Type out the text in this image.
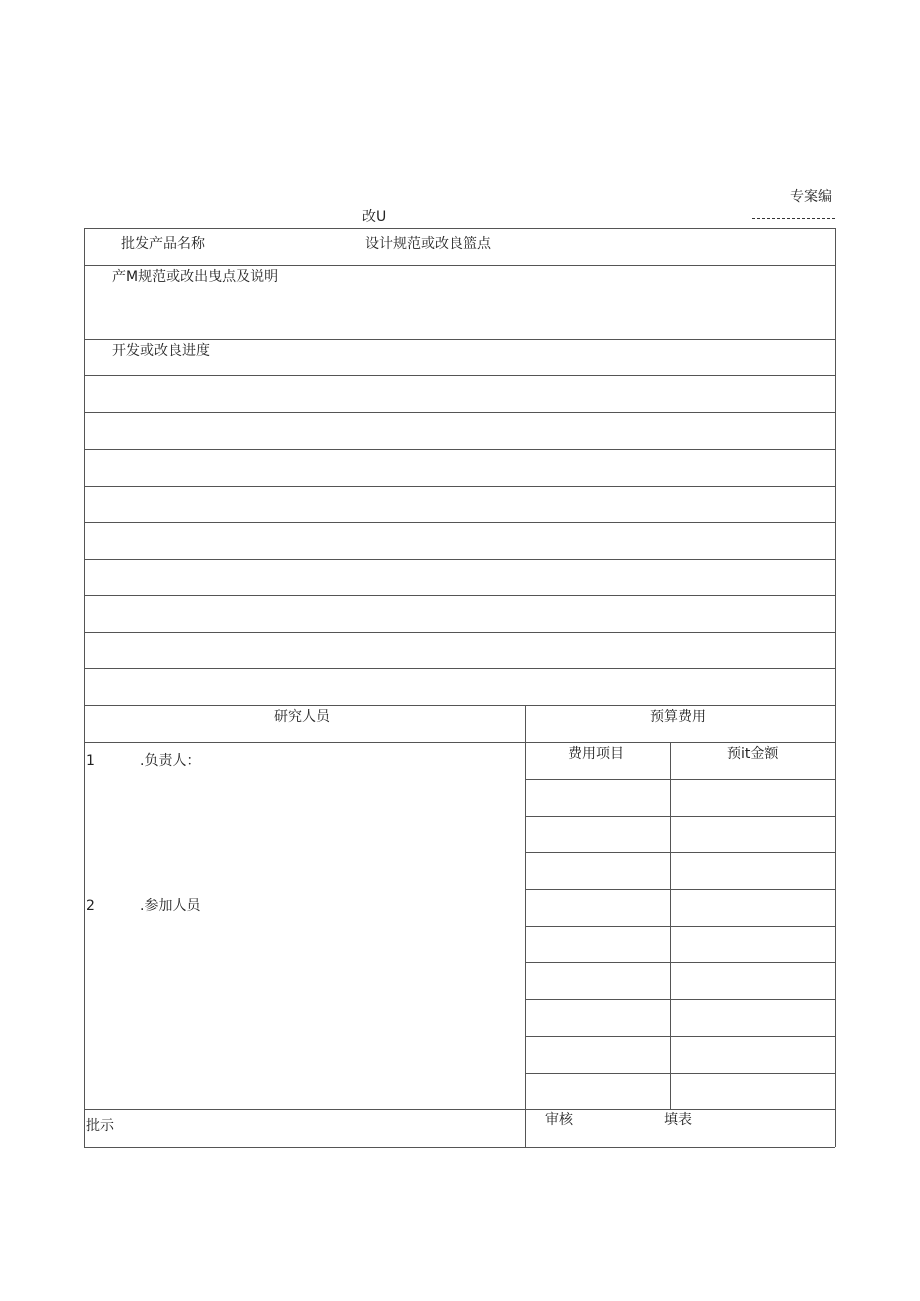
专案编
改U
批发产品名称	设计规范或改良篮点
产M规范或改出曳点及说明
开发或改良进度
研究人员	预算费用
1	.负责人：	费用项目	预it金额
2	.参加人员
批示	审核	填表
